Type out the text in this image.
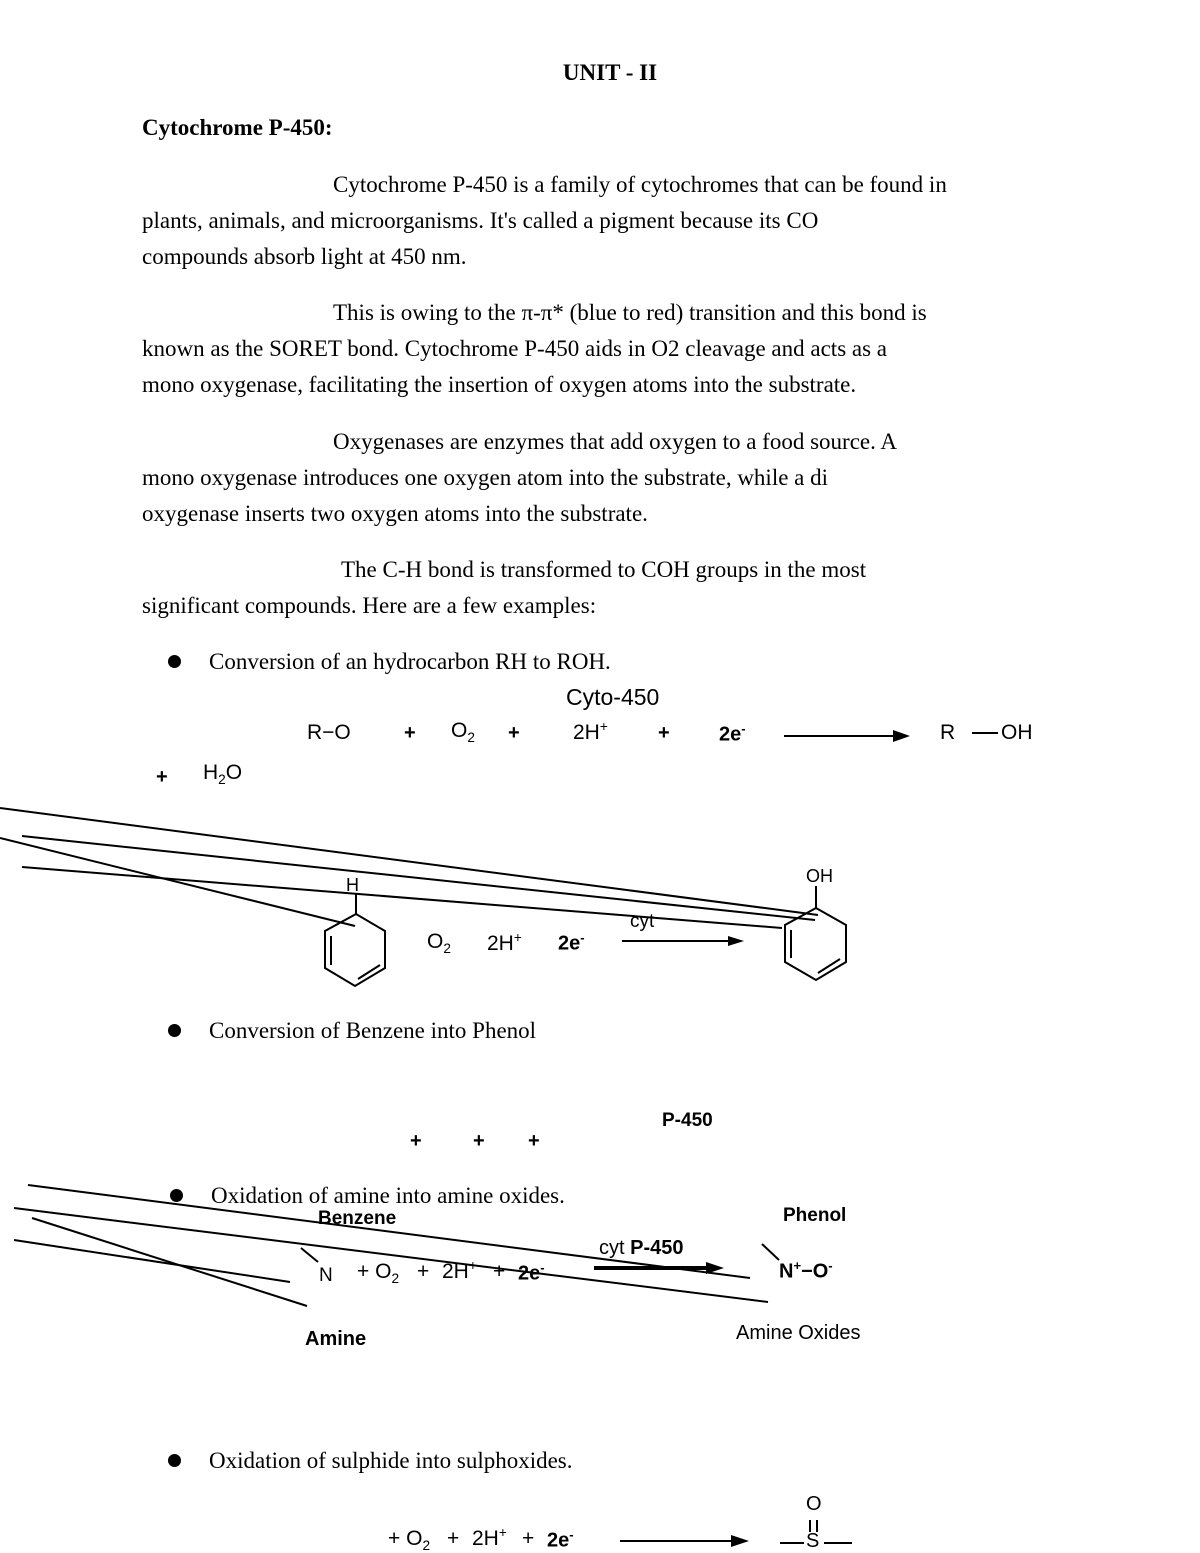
UNIT - II
Cytochrome P-450:
Cytochrome P-450 is a family of cytochromes that can be found in
plants, animals, and microorganisms. It's called a pigment because its CO
compounds absorb light at 450 nm.
This is owing to the π-π* (blue to red) transition and this bond is
known as the SORET bond. Cytochrome P-450 aids in O2 cleavage and acts as a
mono oxygenase, facilitating the insertion of oxygen atoms into the substrate.
Oxygenases are enzymes that add oxygen to a food source. A
mono oxygenase introduces one oxygen atom into the substrate, while a di
oxygenase inserts two oxygen atoms into the substrate.
The C-H bond is transformed to COH groups in the most
significant compounds. Here are a few examples:
Conversion of an hydrocarbon RH to ROH.
Conversion of Benzene into Phenol
Oxidation of amine into amine oxides.
Oxidation of sulphide into sulphoxides.
Cyto-450
R−O	+ $O_2$ +	2H+	+ 2e-	R OH
+ $H_2O$
H	OH
$O_2$ 2H+ 2e-
cyt
P-450
+	+ +
Benzene	Phenol
cyt P-450
$N + O_2 + 2H^+ + 2e^-$	N+−O-
Amine	Amine Oxides
+ $O_2 + 2H^+ + 2e^-$
O
S
